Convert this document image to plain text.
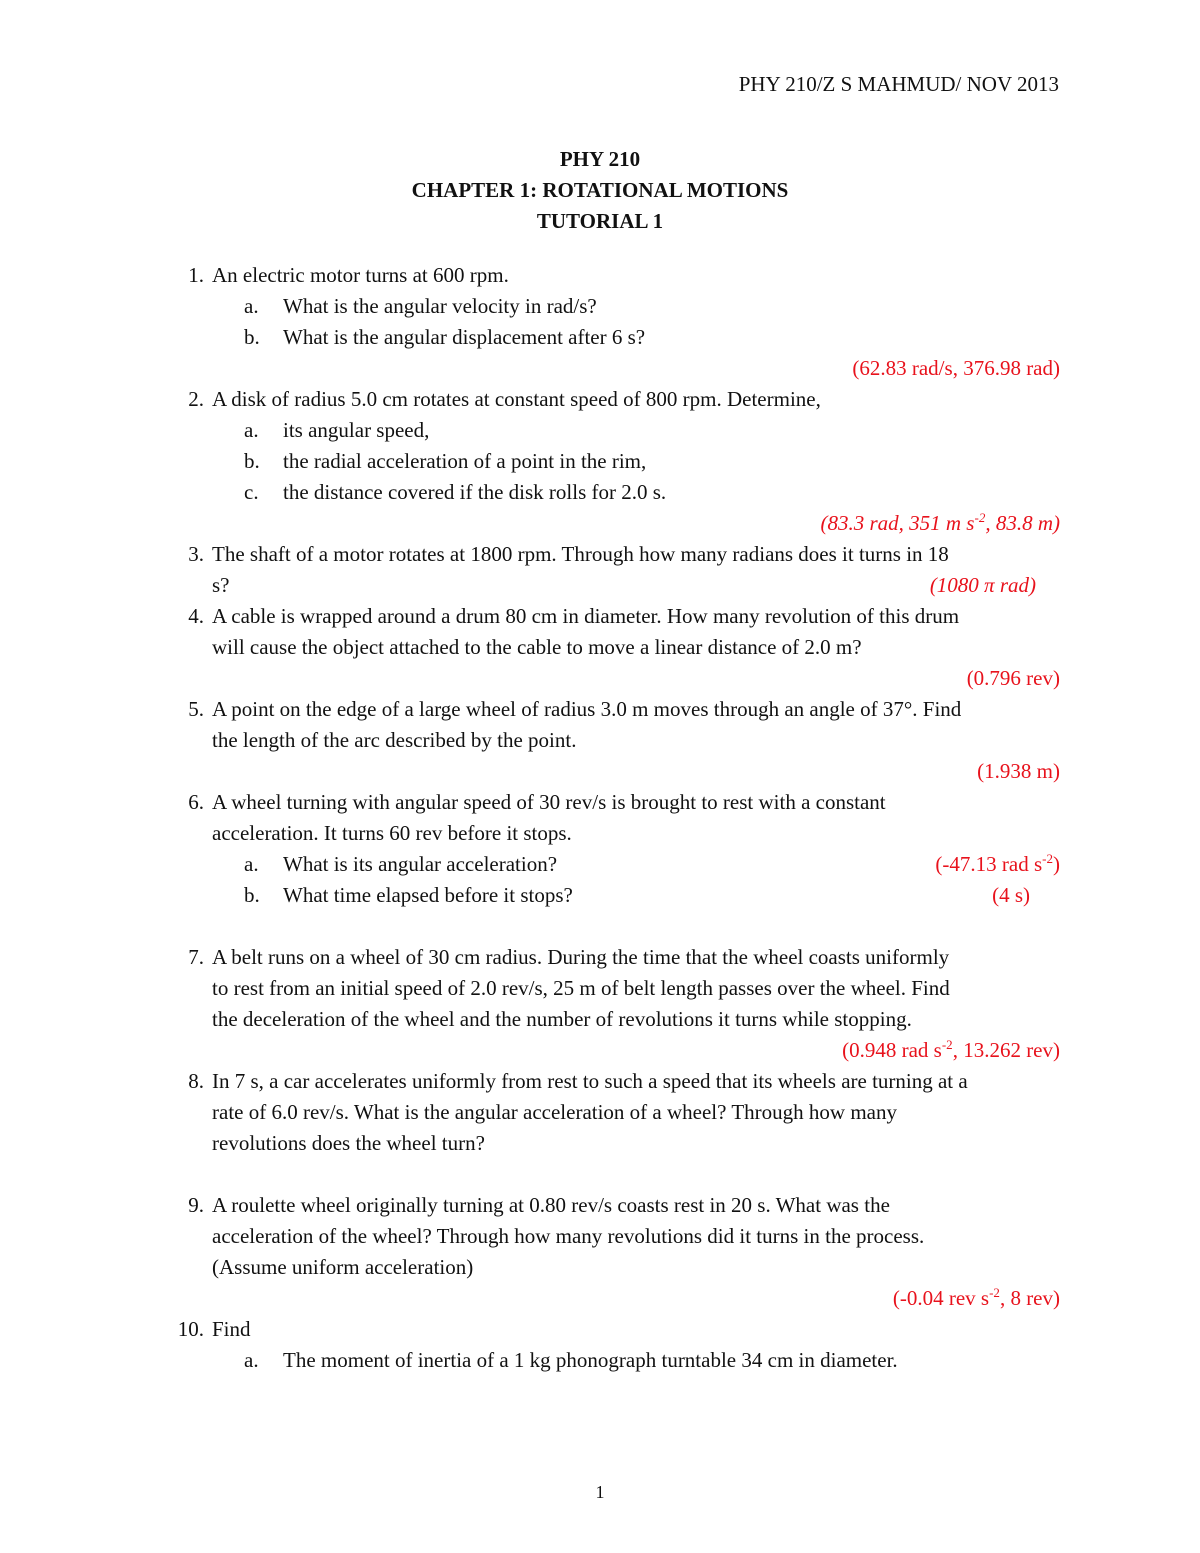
PHY 210/Z S MAHMUD/ NOV 2013
PHY 210
CHAPTER 1: ROTATIONAL MOTIONS
TUTORIAL 1
1. An electric motor turns at 600 rpm.
a. What is the angular velocity in rad/s?
b. What is the angular displacement after 6 s?
(62.83 rad/s, 376.98 rad)
2. A disk of radius 5.0 cm rotates at constant speed of 800 rpm. Determine,
a. its angular speed,
b. the radial acceleration of a point in the rim,
c. the distance covered if the disk rolls for 2.0 s.
(83.3 rad, 351 m $s^{-2}$, 83.8 m)
3. The shaft of a motor rotates at 1800 rpm. Through how many radians does it turns in 18
s?	(1080 π rad)
4. A cable is wrapped around a drum 80 cm in diameter. How many revolution of this drum
will cause the object attached to the cable to move a linear distance of 2.0 m?
(0.796 rev)
5. A point on the edge of a large wheel of radius 3.0 m moves through an angle of 37°. Find
the length of the arc described by the point.
(1.938 m)
6. A wheel turning with angular speed of 30 rev/s is brought to rest with a constant
acceleration. It turns 60 rev before it stops.
a. What is its angular acceleration?	(-47.13 rad $s^{-2}$)
b. What time elapsed before it stops?	(4 s)
7. A belt runs on a wheel of 30 cm radius. During the time that the wheel coasts uniformly
to rest from an initial speed of 2.0 rev/s, 25 m of belt length passes over the wheel. Find
the deceleration of the wheel and the number of revolutions it turns while stopping.
(0.948 rad $s^{-2}$, 13.262 rev)
8. In 7 s, a car accelerates uniformly from rest to such a speed that its wheels are turning at a
rate of 6.0 rev/s. What is the angular acceleration of a wheel? Through how many
revolutions does the wheel turn?
9. A roulette wheel originally turning at 0.80 rev/s coasts rest in 20 s. What was the
acceleration of the wheel? Through how many revolutions did it turns in the process.
(Assume uniform acceleration)
(-0.04 rev $s^{-2}$, 8 rev)
10. Find
a. The moment of inertia of a 1 kg phonograph turntable 34 cm in diameter.
1
